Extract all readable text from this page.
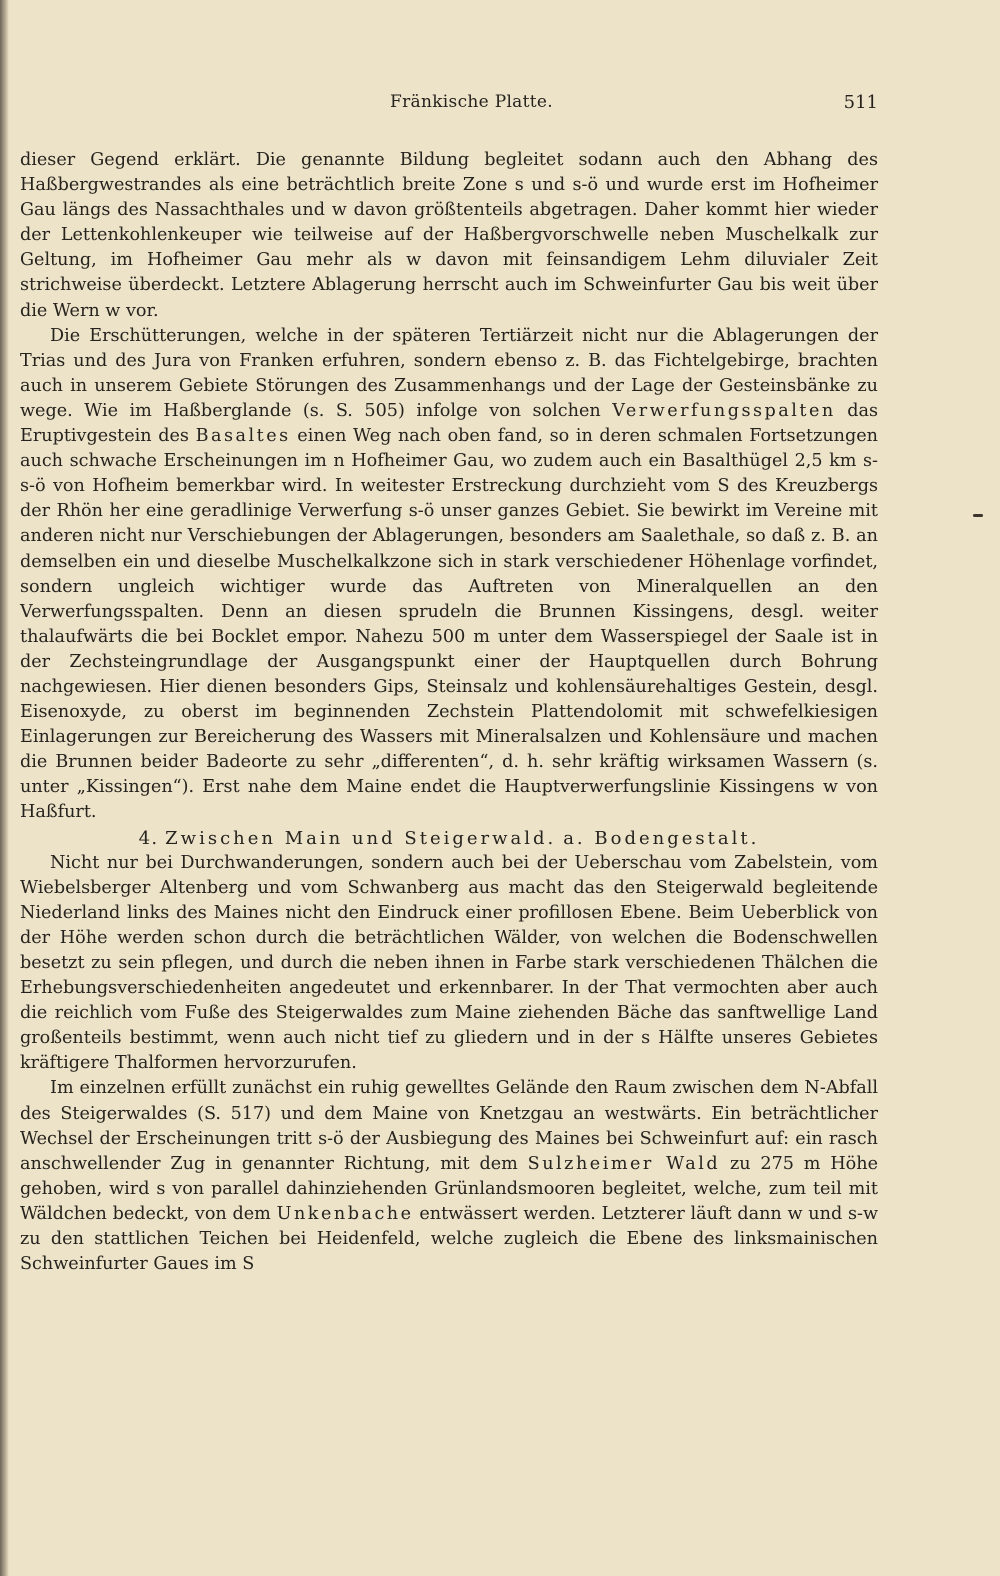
Fränkische Platte.	511

dieser Gegend erklärt. Die genannte Bildung begleitet sodann auch den Abhang des Haßbergwestrandes als eine beträchtlich breite Zone s und s-ö und wurde erst im Hofheimer Gau längs des Nassachthales und w davon größtenteils abgetragen. Daher kommt hier wieder der Lettenkohlenkeuper wie teilweise auf der Haßbergvorschwelle neben Muschelkalk zur Geltung, im Hofheimer Gau mehr als w davon mit feinsandigem Lehm diluvialer Zeit strichweise überdeckt. Letztere Ablagerung herrscht auch im Schweinfurter Gau bis weit über die Wern w vor.

Die Erschütterungen, welche in der späteren Tertiärzeit nicht nur die Ablagerungen der Trias und des Jura von Franken erfuhren, sondern ebenso z. B. das Fichtelgebirge, brachten auch in unserem Gebiete Störungen des Zusammenhangs und der Lage der Gesteinsbänke zu wege. Wie im Haßberglande (s. S. 505) infolge von solchen Verwerfungsspalten das Eruptivgestein des Basaltes einen Weg nach oben fand, so in deren schmalen Fortsetzungen auch schwache Erscheinungen im n Hofheimer Gau, wo zudem auch ein Basalthügel 2,5 km s-s-ö von Hofheim bemerkbar wird. In weitester Erstreckung durchzieht vom S des Kreuzbergs der Rhön her eine geradlinige Verwerfung s-ö unser ganzes Gebiet. Sie bewirkt im Vereine mit anderen nicht nur Verschiebungen der Ablagerungen, besonders am Saalethale, so daß z. B. an demselben ein und dieselbe Muschelkalkzone sich in stark verschiedener Höhenlage vorfindet, sondern ungleich wichtiger wurde das Auftreten von Mineralquellen an den Verwerfungsspalten. Denn an diesen sprudeln die Brunnen Kissingens, desgl. weiter thalaufwärts die bei Bocklet empor. Nahezu 500 m unter dem Wasserspiegel der Saale ist in der Zechsteingrundlage der Ausgangspunkt einer der Hauptquellen durch Bohrung nachgewiesen. Hier dienen besonders Gips, Steinsalz und kohlensäurehaltiges Gestein, desgl. Eisenoxyde, zu oberst im beginnenden Zechstein Plattendolomit mit schwefelkiesigen Einlagerungen zur Bereicherung des Wassers mit Mineralsalzen und Kohlensäure und machen die Brunnen beider Badeorte zu sehr „differenten“, d. h. sehr kräftig wirksamen Wassern (s. unter „Kissingen“). Erst nahe dem Maine endet die Hauptverwerfungslinie Kissingens w von Haßfurt.

4. Zwischen Main und Steigerwald. a. Bodengestalt.

Nicht nur bei Durchwanderungen, sondern auch bei der Ueberschau vom Zabelstein, vom Wiebelsberger Altenberg und vom Schwanberg aus macht das den Steigerwald begleitende Niederland links des Maines nicht den Eindruck einer profillosen Ebene. Beim Ueberblick von der Höhe werden schon durch die beträchtlichen Wälder, von welchen die Bodenschwellen besetzt zu sein pflegen, und durch die neben ihnen in Farbe stark verschiedenen Thälchen die Erhebungsverschiedenheiten angedeutet und erkennbarer. In der That vermochten aber auch die reichlich vom Fuße des Steigerwaldes zum Maine ziehenden Bäche das sanftwellige Land großenteils bestimmt, wenn auch nicht tief zu gliedern und in der s Hälfte unseres Gebietes kräftigere Thalformen hervorzurufen.

Im einzelnen erfüllt zunächst ein ruhig gewelltes Gelände den Raum zwischen dem N-Abfall des Steigerwaldes (S. 517) und dem Maine von Knetzgau an westwärts. Ein beträchtlicher Wechsel der Erscheinungen tritt s-ö der Ausbiegung des Maines bei Schweinfurt auf: ein rasch anschwellender Zug in genannter Richtung, mit dem Sulzheimer Wald zu 275 m Höhe gehoben, wird s von parallel dahinziehenden Grünlandsmooren begleitet, welche, zum teil mit Wäldchen bedeckt, von dem Unkenbache entwässert werden. Letzterer läuft dann w und s-w zu den stattlichen Teichen bei Heidenfeld, welche zugleich die Ebene des linksmainischen Schweinfurter Gaues im S
